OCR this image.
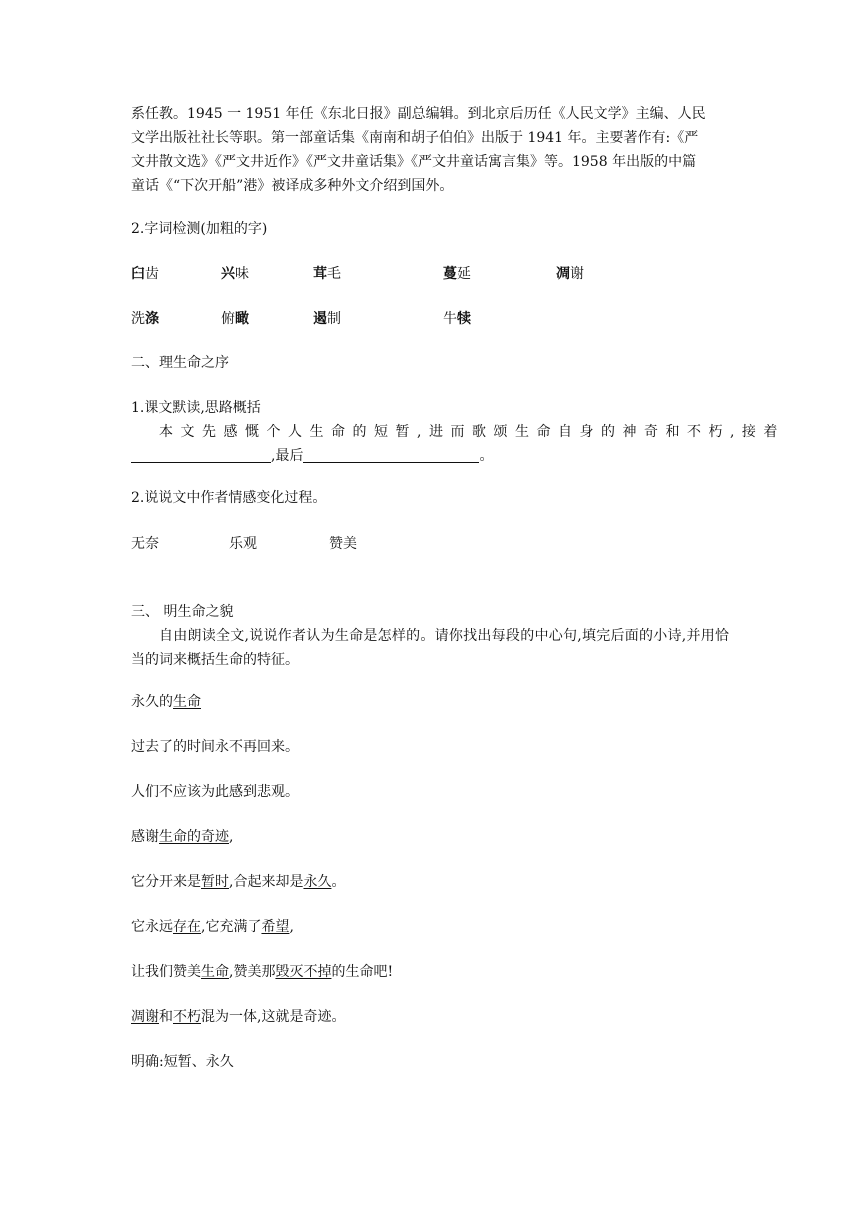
系任教。1945 一 1951 年任《东北日报》副总编辑。到北京后历任《人民文学》主编、人民
文学出版社社长等职。第一部童话集《南南和胡子伯伯》出版于 1941 年。主要著作有:《严
文井散文选》《严文井近作》《严文井童话集》《严文井童话寓言集》等。1958 年出版的中篇
童话《“下次开船”港》被译成多种外文介绍到国外。
2.字词检测(加粗的字)
臼齿	兴味	茸毛	蔓延	凋谢
洗涤	俯瞰	遏制	牛犊
二、理生命之序
1.课文默读,思路概括
本文先感慨个人生命的短暂,进而歌颂生命自身的神奇和不朽,接着
,最后	。
2.说说文中作者情感变化过程。
无奈	乐观	赞美
三、 明生命之貌
自由朗读全文,说说作者认为生命是怎样的。请你找出每段的中心句,填完后面的小诗,并用恰当的词来概括生命的特征。
永久的生命
过去了的时间永不再回来。
人们不应该为此感到悲观。
感谢生命的奇迹,
它分开来是暂时,合起来却是永久。
它永远存在,它充满了希望,
让我们赞美生命,赞美那毁灭不掉的生命吧!
凋谢和不朽混为一体,这就是奇迹。
明确:短暂、永久
